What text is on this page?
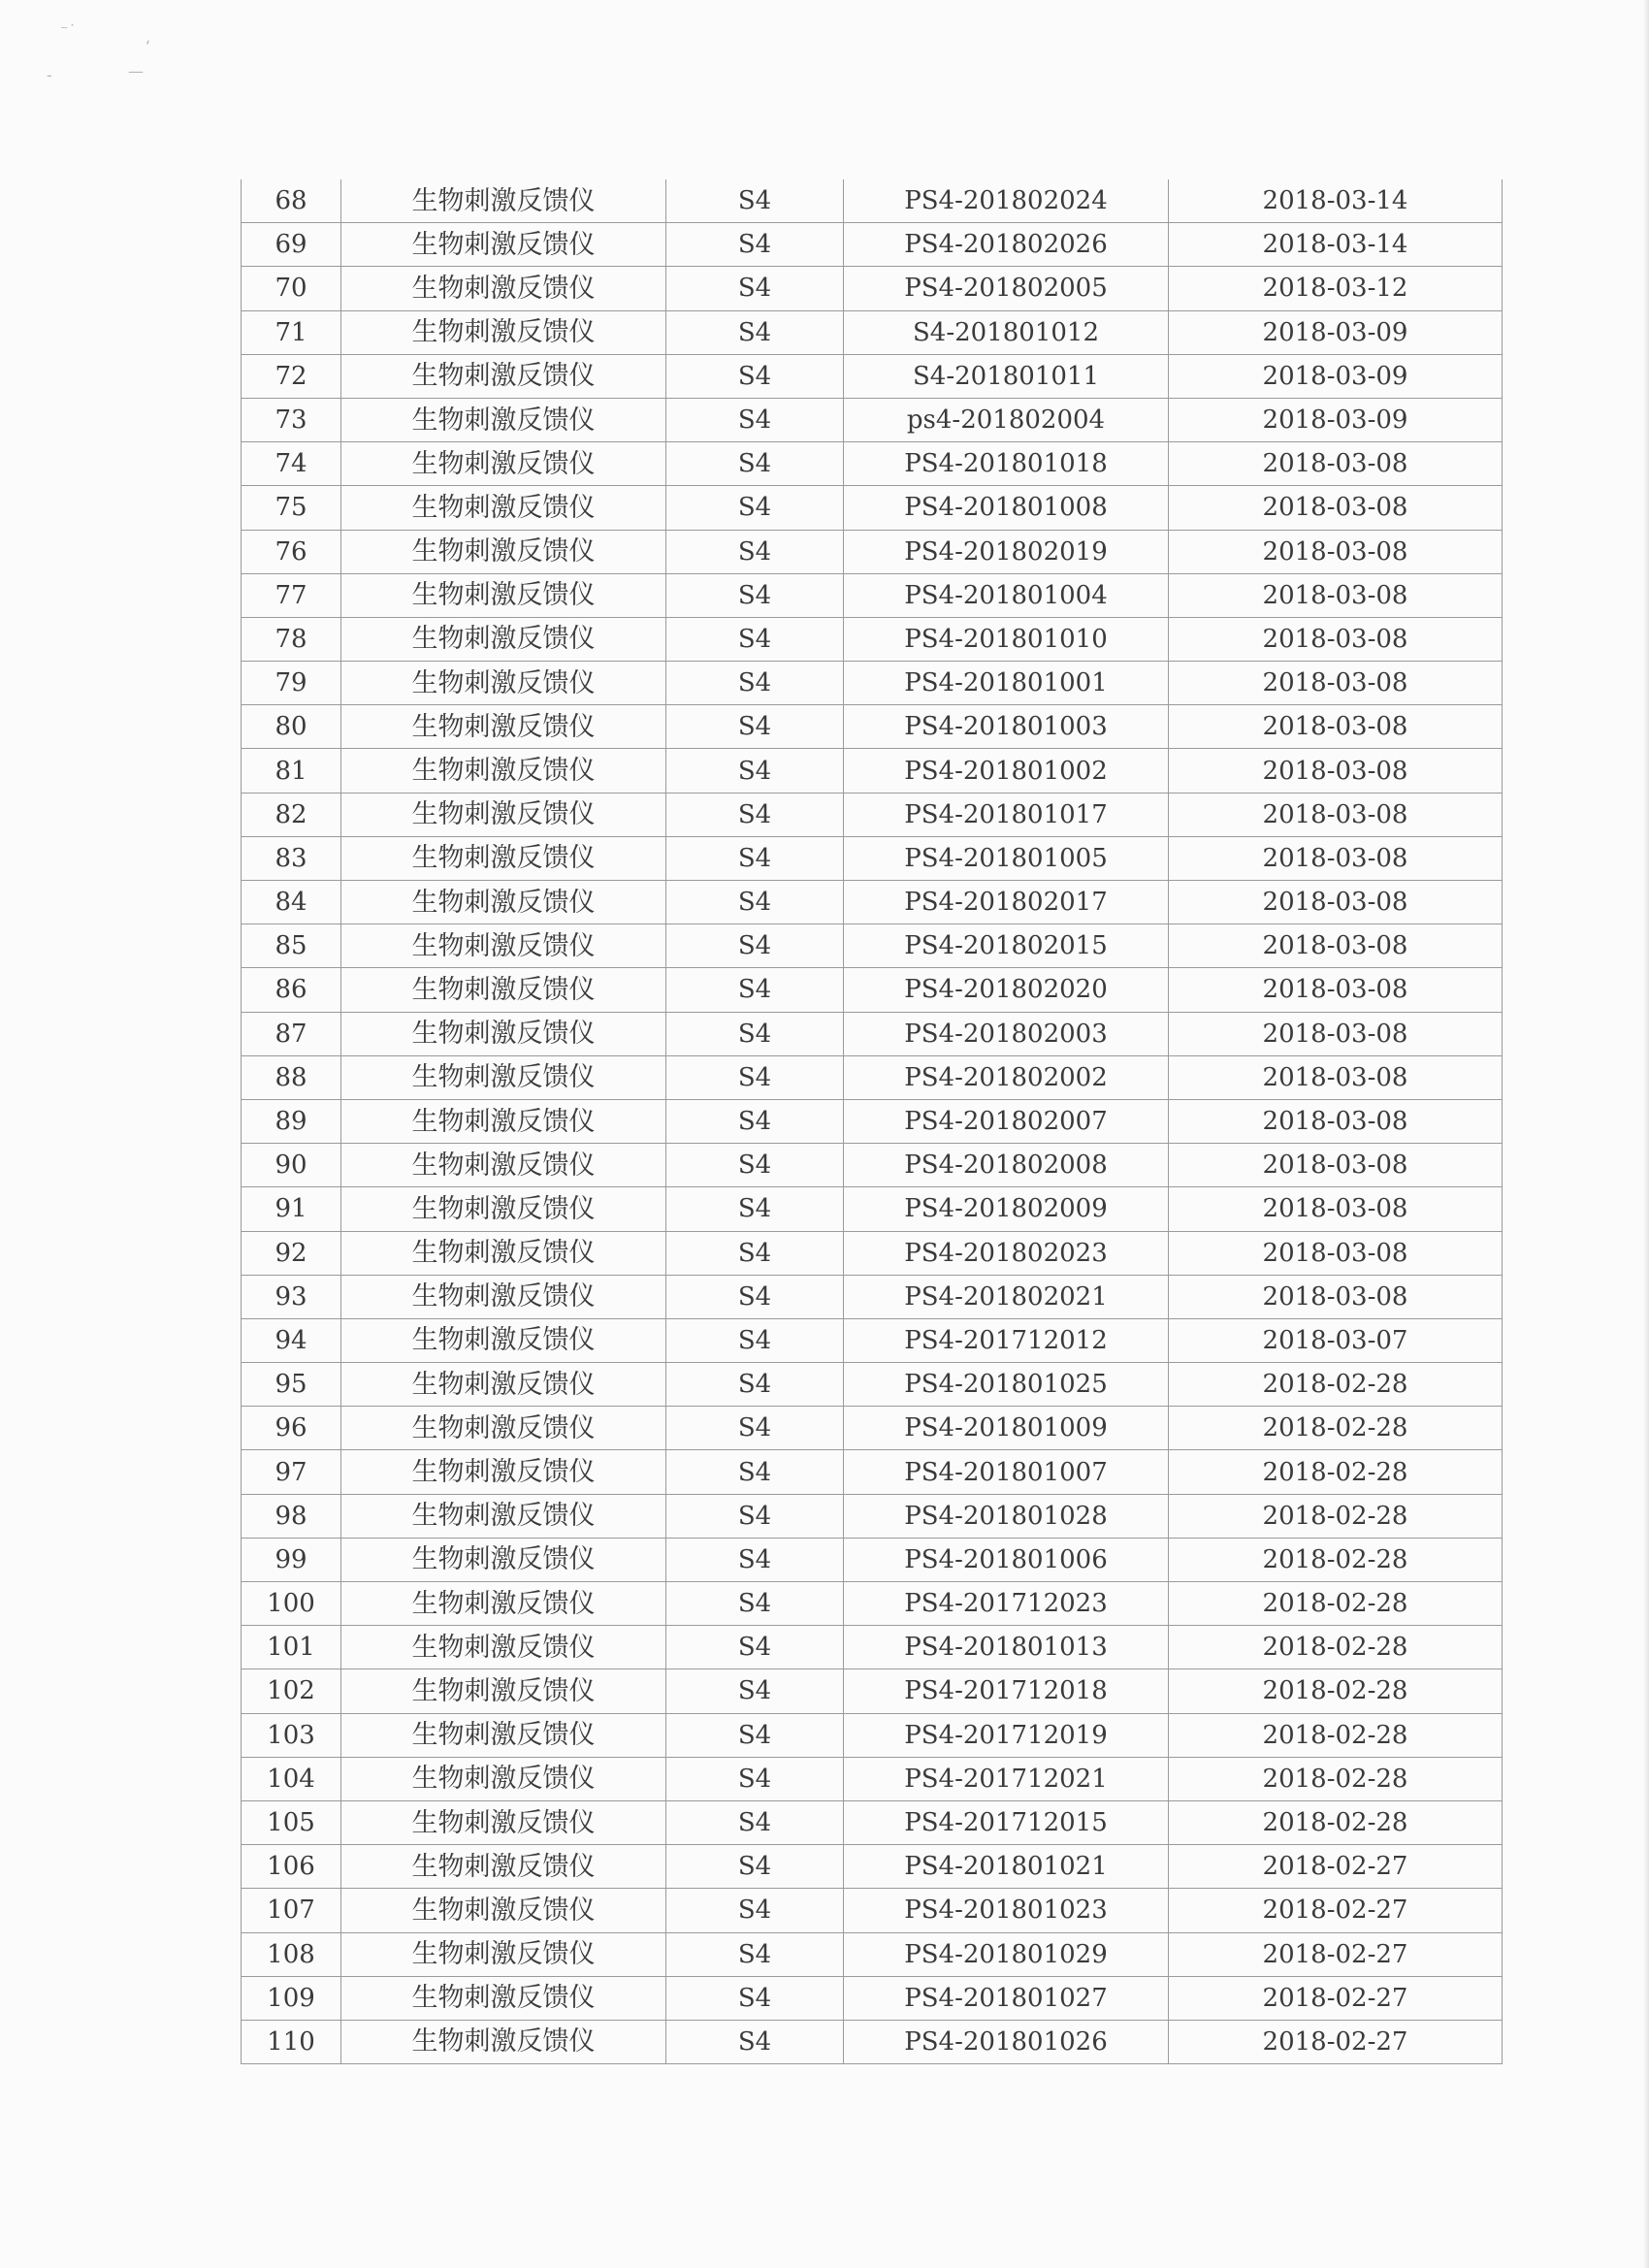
⁻˙
‘
-	—
68	生物刺激反馈仪	S4	PS4-201802024	2018-03-14
69	生物刺激反馈仪	S4	PS4-201802026	2018-03-14
70	生物刺激反馈仪	S4	PS4-201802005	2018-03-12
71	生物刺激反馈仪	S4	S4-201801012	2018-03-09
72	生物刺激反馈仪	S4	S4-201801011	2018-03-09
73	生物刺激反馈仪	S4	ps4-201802004	2018-03-09
74	生物刺激反馈仪	S4	PS4-201801018	2018-03-08
75	生物刺激反馈仪	S4	PS4-201801008	2018-03-08
76	生物刺激反馈仪	S4	PS4-201802019	2018-03-08
77	生物刺激反馈仪	S4	PS4-201801004	2018-03-08
78	生物刺激反馈仪	S4	PS4-201801010	2018-03-08
79	生物刺激反馈仪	S4	PS4-201801001	2018-03-08
80	生物刺激反馈仪	S4	PS4-201801003	2018-03-08
81	生物刺激反馈仪	S4	PS4-201801002	2018-03-08
82	生物刺激反馈仪	S4	PS4-201801017	2018-03-08
83	生物刺激反馈仪	S4	PS4-201801005	2018-03-08
84	生物刺激反馈仪	S4	PS4-201802017	2018-03-08
85	生物刺激反馈仪	S4	PS4-201802015	2018-03-08
86	生物刺激反馈仪	S4	PS4-201802020	2018-03-08
87	生物刺激反馈仪	S4	PS4-201802003	2018-03-08
88	生物刺激反馈仪	S4	PS4-201802002	2018-03-08
89	生物刺激反馈仪	S4	PS4-201802007	2018-03-08
90	生物刺激反馈仪	S4	PS4-201802008	2018-03-08
91	生物刺激反馈仪	S4	PS4-201802009	2018-03-08
92	生物刺激反馈仪	S4	PS4-201802023	2018-03-08
93	生物刺激反馈仪	S4	PS4-201802021	2018-03-08
94	生物刺激反馈仪	S4	PS4-201712012	2018-03-07
95	生物刺激反馈仪	S4	PS4-201801025	2018-02-28
96	生物刺激反馈仪	S4	PS4-201801009	2018-02-28
97	生物刺激反馈仪	S4	PS4-201801007	2018-02-28
98	生物刺激反馈仪	S4	PS4-201801028	2018-02-28
99	生物刺激反馈仪	S4	PS4-201801006	2018-02-28
100	生物刺激反馈仪	S4	PS4-201712023	2018-02-28
101	生物刺激反馈仪	S4	PS4-201801013	2018-02-28
102	生物刺激反馈仪	S4	PS4-201712018	2018-02-28
103	生物刺激反馈仪	S4	PS4-201712019	2018-02-28
104	生物刺激反馈仪	S4	PS4-201712021	2018-02-28
105	生物刺激反馈仪	S4	PS4-201712015	2018-02-28
106	生物刺激反馈仪	S4	PS4-201801021	2018-02-27
107	生物刺激反馈仪	S4	PS4-201801023	2018-02-27
108	生物刺激反馈仪	S4	PS4-201801029	2018-02-27
109	生物刺激反馈仪	S4	PS4-201801027	2018-02-27
110	生物刺激反馈仪	S4	PS4-201801026	2018-02-27
